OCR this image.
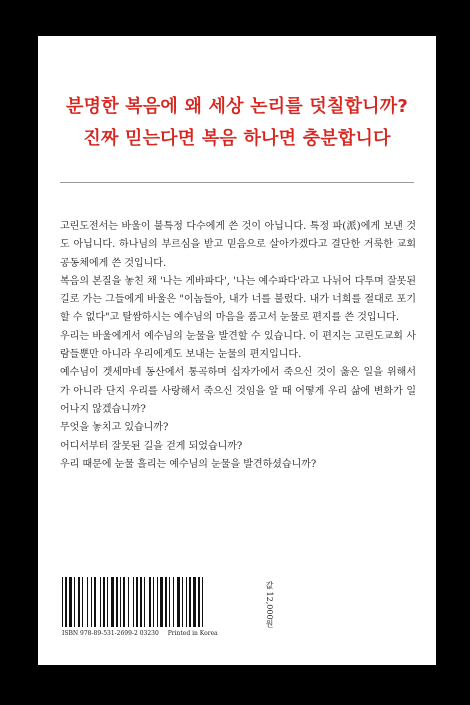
분명한 복음에 왜 세상 논리를 덧칠합니까?
진짜 믿는다면 복음 하나면 충분합니다

고린도전서는 바울이 불특정 다수에게 쓴 것이 아닙니다. 특정 파(派)에게 보낸 것도 아닙니다. 하나님의 부르심을 받고 믿음으로 살아가겠다고 결단한 거룩한 교회 공동체에게 쓴 것입니다.

복음의 본질을 놓친 채 '나는 게바파다', '나는 예수파다'라고 나뉘어 다투며 잘못된 길로 가는 그들에게 바울은 "이놈들아, 내가 너를 불렀다. 내가 너희를 절대로 포기할 수 없다"고 탈쌈하시는 예수님의 마음을 품고서 눈물로 편지를 쓴 것입니다.

우리는 바울에게서 예수님의 눈물을 발견할 수 있습니다. 이 편지는 고린도교회 사람들뿐만 아니라 우리에게도 보내는 눈물의 편지입니다.

예수님이 겟세마네 동산에서 통곡하며 십자가에서 죽으신 것이 옳은 일을 위해서가 아니라 단지 우리를 사랑해서 죽으신 것임을 알 때 어떻게 우리 삶에 변화가 일어나지 않겠습니까?

무엇을 놓치고 있습니까?

어디서부터 잘못된 길을 걷게 되었습니까?

우리 때문에 눈물 흘리는 예수님의 눈물을 발견하셨습니까?

ISBN 978-89-531-2699-2 03230 Printed in Korea
값 12,000원
